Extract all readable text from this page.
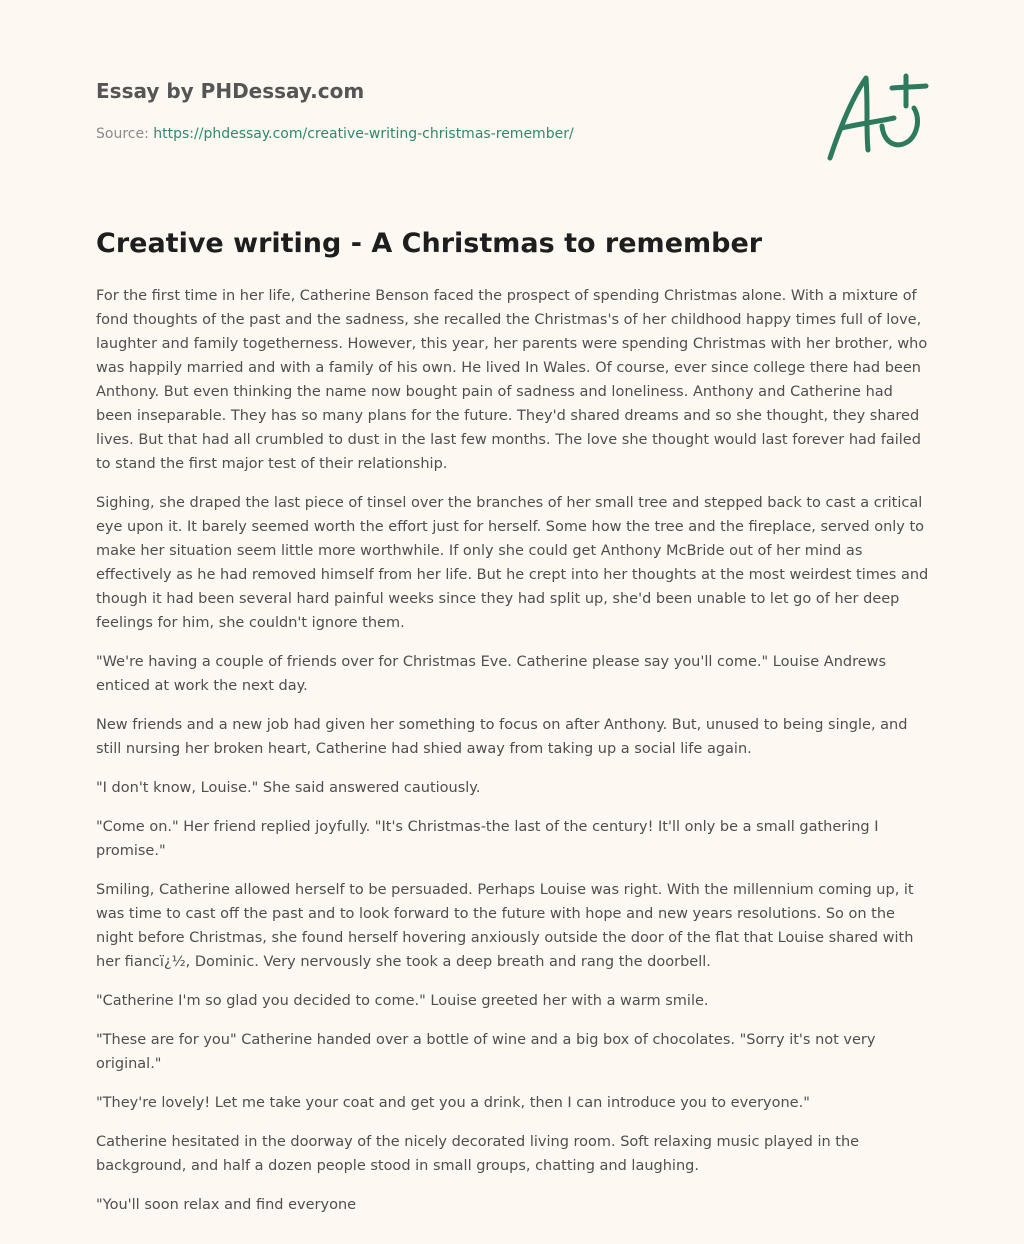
Essay by PHDessay.com
Source: https://phdessay.com/creative-writing-christmas-remember/
Creative writing - A Christmas to remember

For the first time in her life, Catherine Benson faced the prospect of spending Christmas alone. With a mixture of fond thoughts of the past and the sadness, she recalled the Christmas's of her childhood happy times full of love, laughter and family togetherness. However, this year, her parents were spending Christmas with her brother, who was happily married and with a family of his own. He lived In Wales. Of course, ever since college there had been Anthony. But even thinking the name now bought pain of sadness and loneliness. Anthony and Catherine had been inseparable. They has so many plans for the future. They'd shared dreams and so she thought, they shared lives. But that had all crumbled to dust in the last few months. The love she thought would last forever had failed to stand the first major test of their relationship.

Sighing, she draped the last piece of tinsel over the branches of her small tree and stepped back to cast a critical eye upon it. It barely seemed worth the effort just for herself. Some how the tree and the fireplace, served only to make her situation seem little more worthwhile. If only she could get Anthony McBride out of her mind as effectively as he had removed himself from her life. But he crept into her thoughts at the most weirdest times and though it had been several hard painful weeks since they had split up, she'd been unable to let go of her deep feelings for him, she couldn't ignore them.

"We're having a couple of friends over for Christmas Eve. Catherine please say you'll come." Louise Andrews enticed at work the next day.

New friends and a new job had given her something to focus on after Anthony. But, unused to being single, and still nursing her broken heart, Catherine had shied away from taking up a social life again.

"I don't know, Louise." She said answered cautiously.

"Come on." Her friend replied joyfully. "It's Christmas-the last of the century! It'll only be a small gathering I promise."

Smiling, Catherine allowed herself to be persuaded. Perhaps Louise was right. With the millennium coming up, it was time to cast off the past and to look forward to the future with hope and new years resolutions. So on the night before Christmas, she found herself hovering anxiously outside the door of the flat that Louise shared with her fiancï¿½, Dominic. Very nervously she took a deep breath and rang the doorbell.

"Catherine I'm so glad you decided to come." Louise greeted her with a warm smile.

"These are for you" Catherine handed over a bottle of wine and a big box of chocolates. "Sorry it's not very original."

"They're lovely! Let me take your coat and get you a drink, then I can introduce you to everyone."

Catherine hesitated in the doorway of the nicely decorated living room. Soft relaxing music played in the background, and half a dozen people stood in small groups, chatting and laughing.

"You'll soon relax and find everyone
